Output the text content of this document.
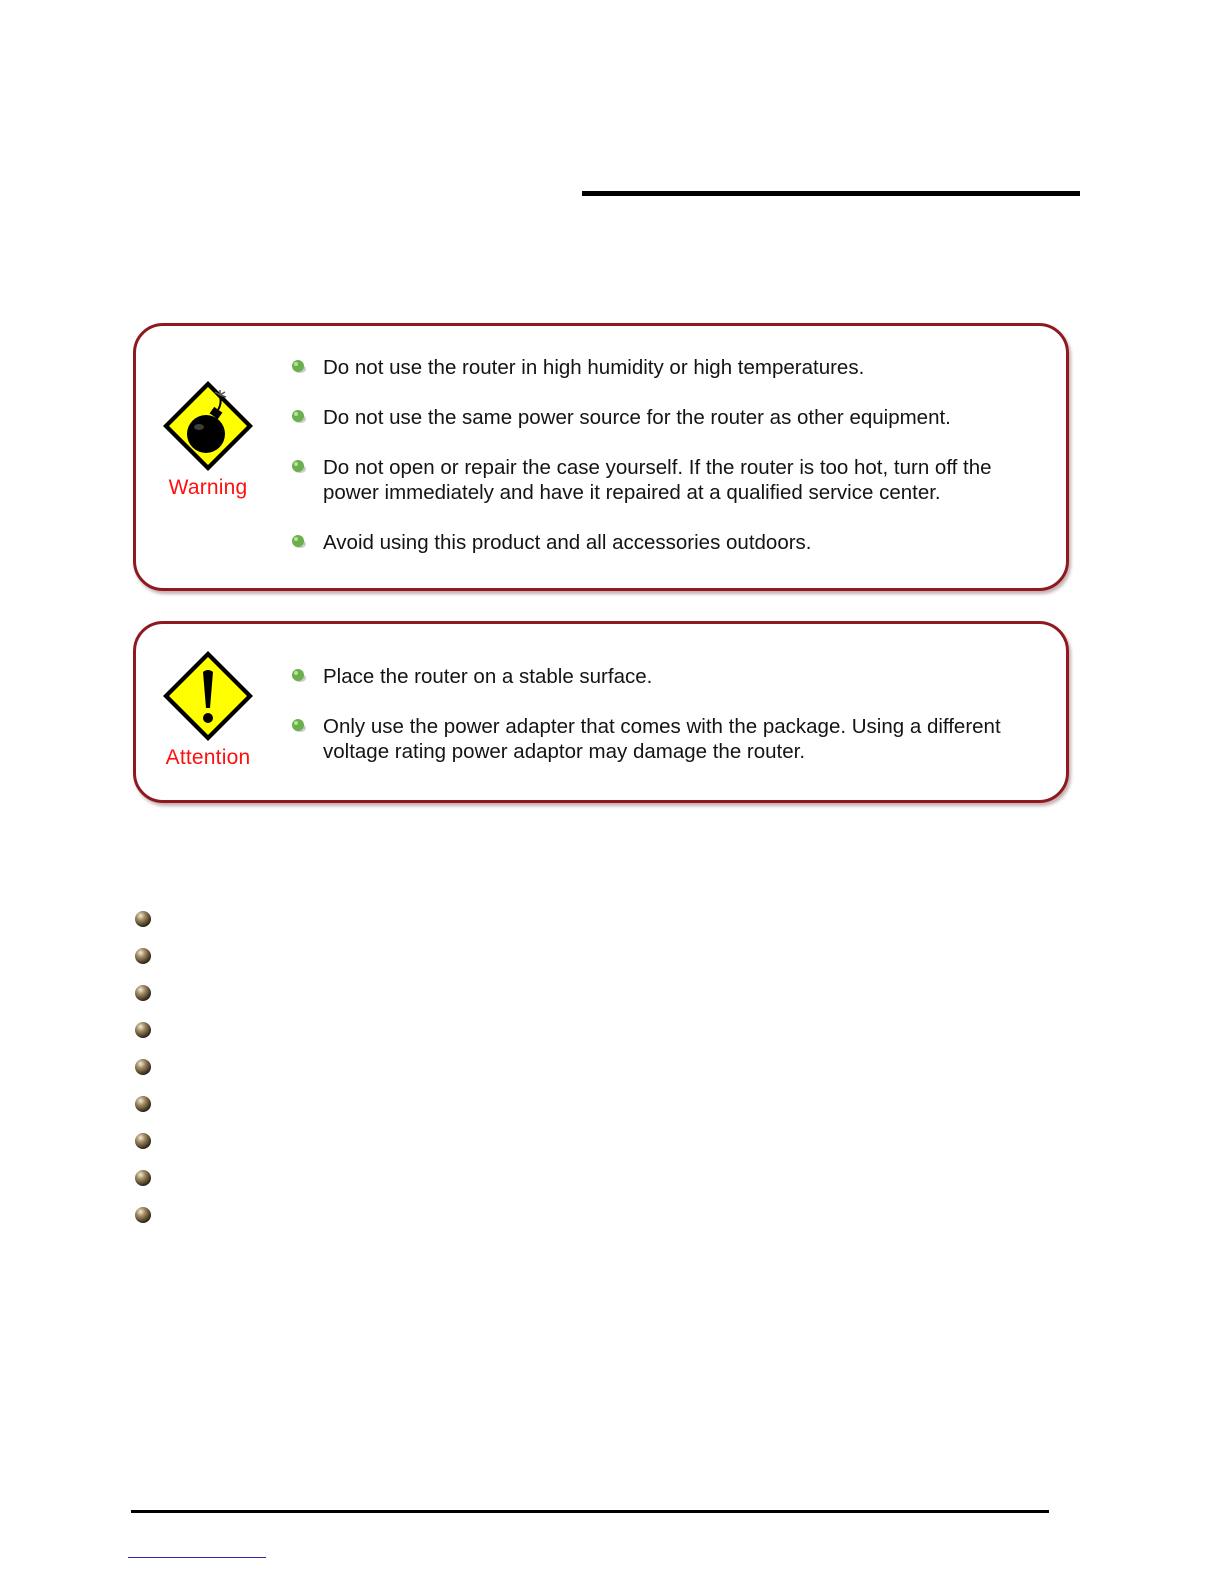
Warning
Do not use the router in high humidity or high temperatures.
Do not use the same power source for the router as other equipment.
Do not open or repair the case yourself. If the router is too hot, turn off the
power immediately and have it repaired at a qualified service center.
Avoid using this product and all accessories outdoors.
Attention
Place the router on a stable surface.
Only use the power adapter that comes with the package. Using a different
voltage rating power adaptor may damage the router.
